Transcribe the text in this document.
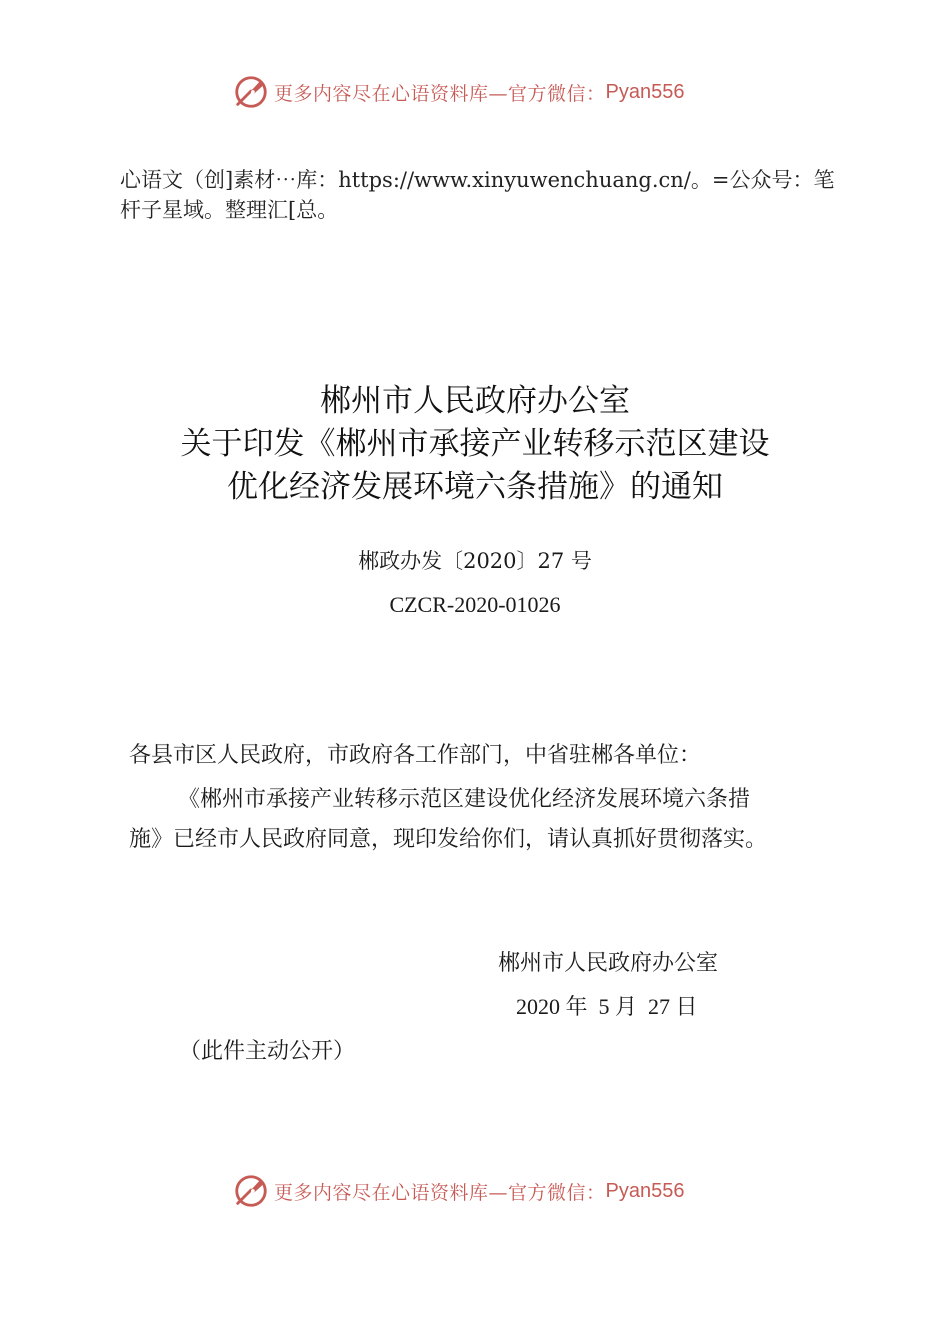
更多内容尽在心语资料库—官方微信： Pyan556
心语文（创]素材⋯库：https://www.xinyuwenchuang.cn/。=公众号：笔杆子星域。整理汇[总。
郴州市人民政府办公室
关于印发《郴州市承接产业转移示范区建设
优化经济发展环境六条措施》的通知
郴政办发〔2020〕27 号
CZCR-2020-01026
各县市区人民政府，市政府各工作部门，中省驻郴各单位：
《郴州市承接产业转移示范区建设优化经济发展环境六条措
施》已经市人民政府同意，现印发给你们，请认真抓好贯彻落实。
郴州市人民政府办公室
2020 年  5 月  27 日
（此件主动公开）
更多内容尽在心语资料库—官方微信： Pyan556
